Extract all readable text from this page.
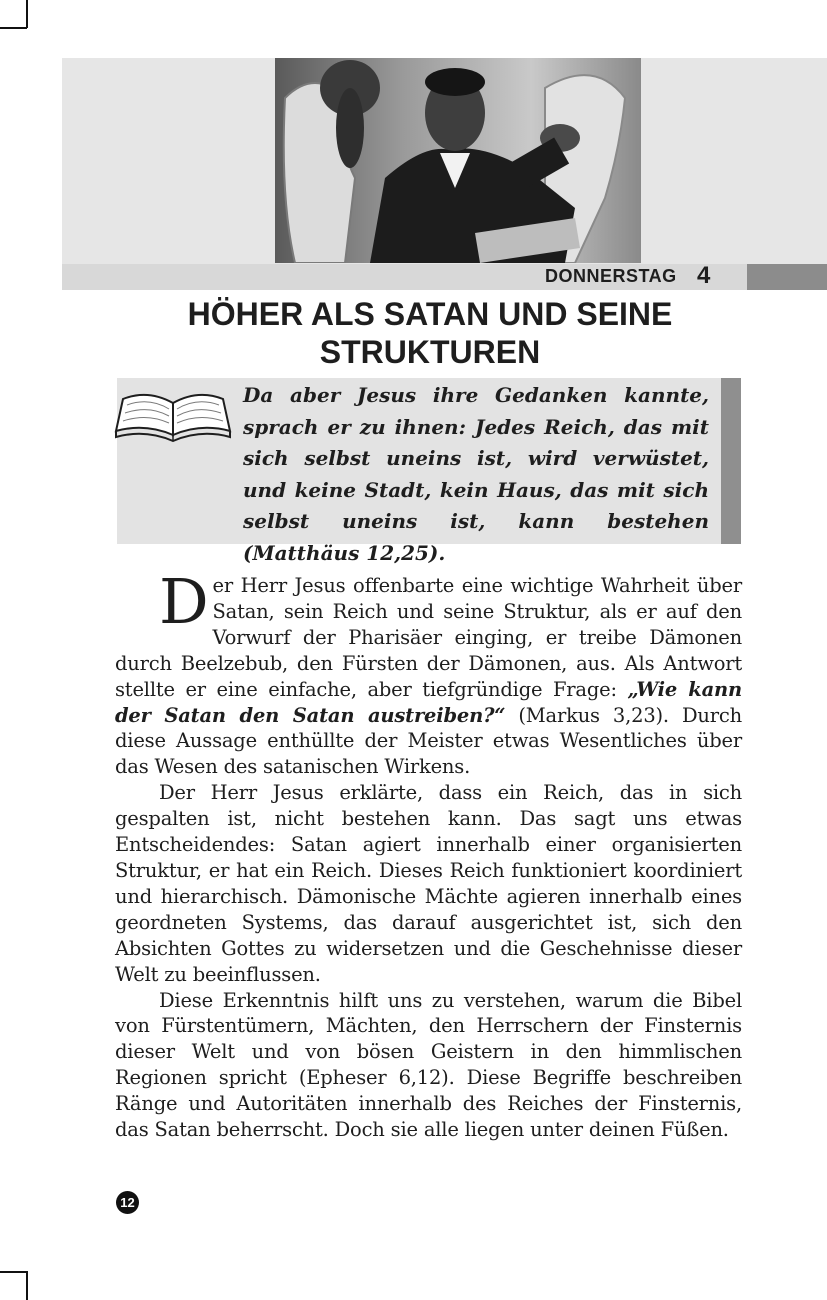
DONNERSTAG 4
HÖHER ALS SATAN UND SEINE STRUKTUREN
Da aber Jesus ihre Gedanken kannte, sprach er zu ihnen: Jedes Reich, das mit sich selbst uneins ist, wird verwüstet, und keine Stadt, kein Haus, das mit sich selbst uneins ist, kann bestehen (Matthäus 12,25).

Der Herr Jesus offenbarte eine wichtige Wahrheit über Satan, sein Reich und seine Struktur, als er auf den Vorwurf der Pharisäer einging, er treibe Dämonen durch Beelzebub, den Fürsten der Dämonen, aus. Als Antwort stellte er eine einfache, aber tiefgründige Frage: „Wie kann der Satan den Satan austreiben?“ (Markus 3,23). Durch diese Aussage enthüllte der Meister etwas Wesentliches über das Wesen des satanischen Wirkens.

Der Herr Jesus erklärte, dass ein Reich, das in sich gespalten ist, nicht bestehen kann. Das sagt uns etwas Entscheidendes: Satan agiert innerhalb einer organisierten Struktur, er hat ein Reich. Dieses Reich funktioniert koordiniert und hierarchisch. Dämonische Mächte agieren innerhalb eines geordneten Systems, das darauf ausgerichtet ist, sich den Absichten Gottes zu widersetzen und die Geschehnisse dieser Welt zu beeinflussen.

Diese Erkenntnis hilft uns zu verstehen, warum die Bibel von Fürstentümern, Mächten, den Herrschern der Finsternis dieser Welt und von bösen Geistern in den himmlischen Regionen spricht (Epheser 6,12). Diese Begriffe beschreiben Ränge und Autoritäten innerhalb des Reiches der Finsternis, das Satan beherrscht. Doch sie alle liegen unter deinen Füßen.

12
